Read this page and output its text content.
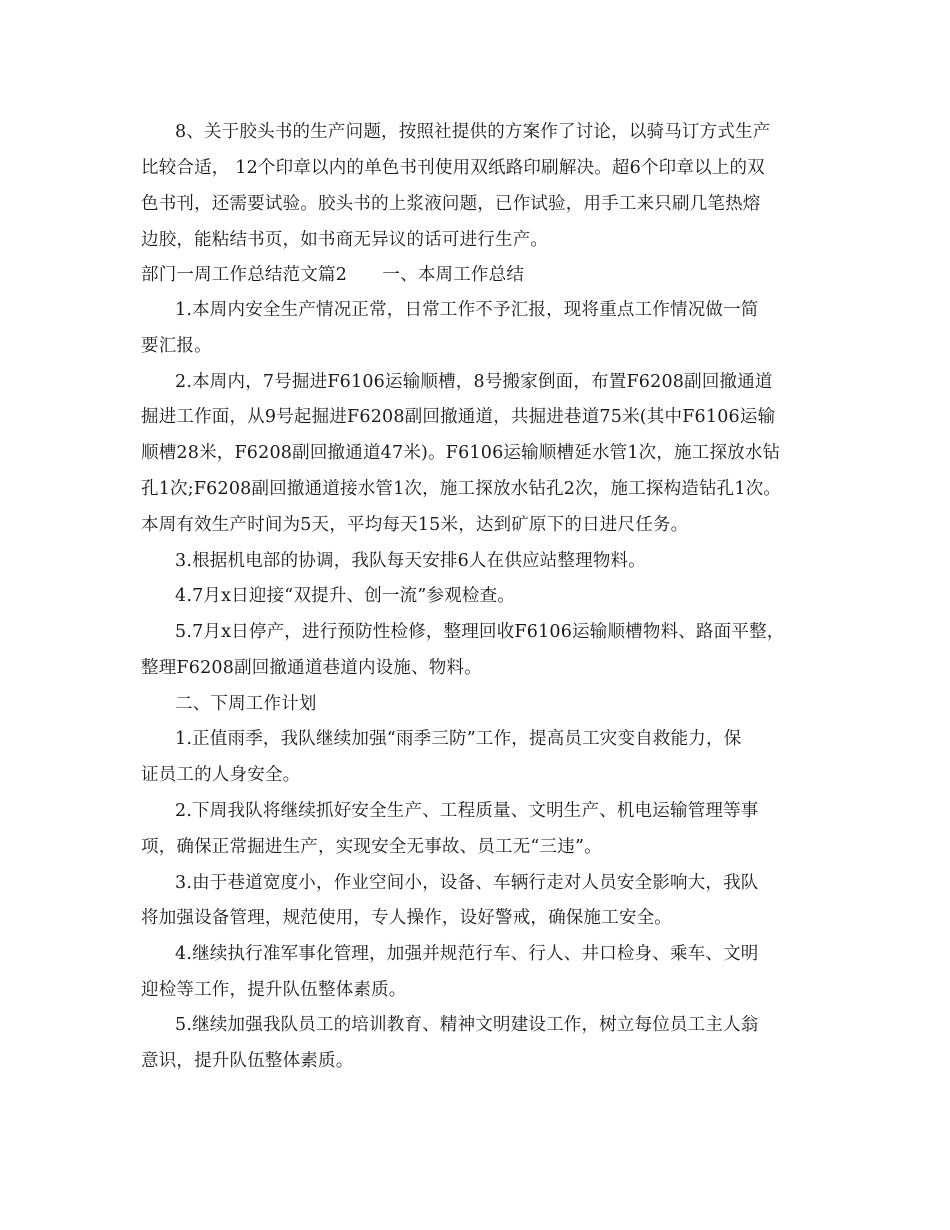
8、关于胶头书的生产问题，按照社提供的方案作了讨论，以骑马订方式生产
比较合适， 12个印章以内的单色书刊使用双纸路印刷解决。超6个印章以上的双
色书刊，还需要试验。胶头书的上浆液问题，已作试验，用手工来只刷几笔热熔
边胶，能粘结书页，如书商无异议的话可进行生产。
部门一周工作总结范文篇2　　一、本周工作总结
1.本周内安全生产情况正常，日常工作不予汇报，现将重点工作情况做一简
要汇报。
2.本周内，7号掘进F6106运输顺槽，8号搬家倒面，布置F6208副回撤通道
掘进工作面，从9号起掘进F6208副回撤通道，共掘进巷道75米(其中F6106运输
顺槽28米，F6208副回撤通道47米)。F6106运输顺槽延水管1次，施工探放水钻
孔1次;F6208副回撤通道接水管1次，施工探放水钻孔2次，施工探构造钻孔1次。
本周有效生产时间为5天，平均每天15米，达到矿原下的日进尺任务。
3.根据机电部的协调，我队每天安排6人在供应站整理物料。
4.7月x日迎接“双提升、创一流”参观检查。
5.7月x日停产，进行预防性检修，整理回收F6106运输顺槽物料、路面平整，
整理F6208副回撤通道巷道内设施、物料。
二、下周工作计划
1.正值雨季，我队继续加强“雨季三防”工作，提高员工灾变自救能力，保
证员工的人身安全。
2.下周我队将继续抓好安全生产、工程质量、文明生产、机电运输管理等事
项，确保正常掘进生产，实现安全无事故、员工无“三违”。
3.由于巷道宽度小，作业空间小，设备、车辆行走对人员安全影响大，我队
将加强设备管理，规范使用，专人操作，设好警戒，确保施工安全。
4.继续执行准军事化管理，加强并规范行车、行人、井口检身、乘车、文明
迎检等工作，提升队伍整体素质。
5.继续加强我队员工的培训教育、精神文明建设工作，树立每位员工主人翁
意识，提升队伍整体素质。
